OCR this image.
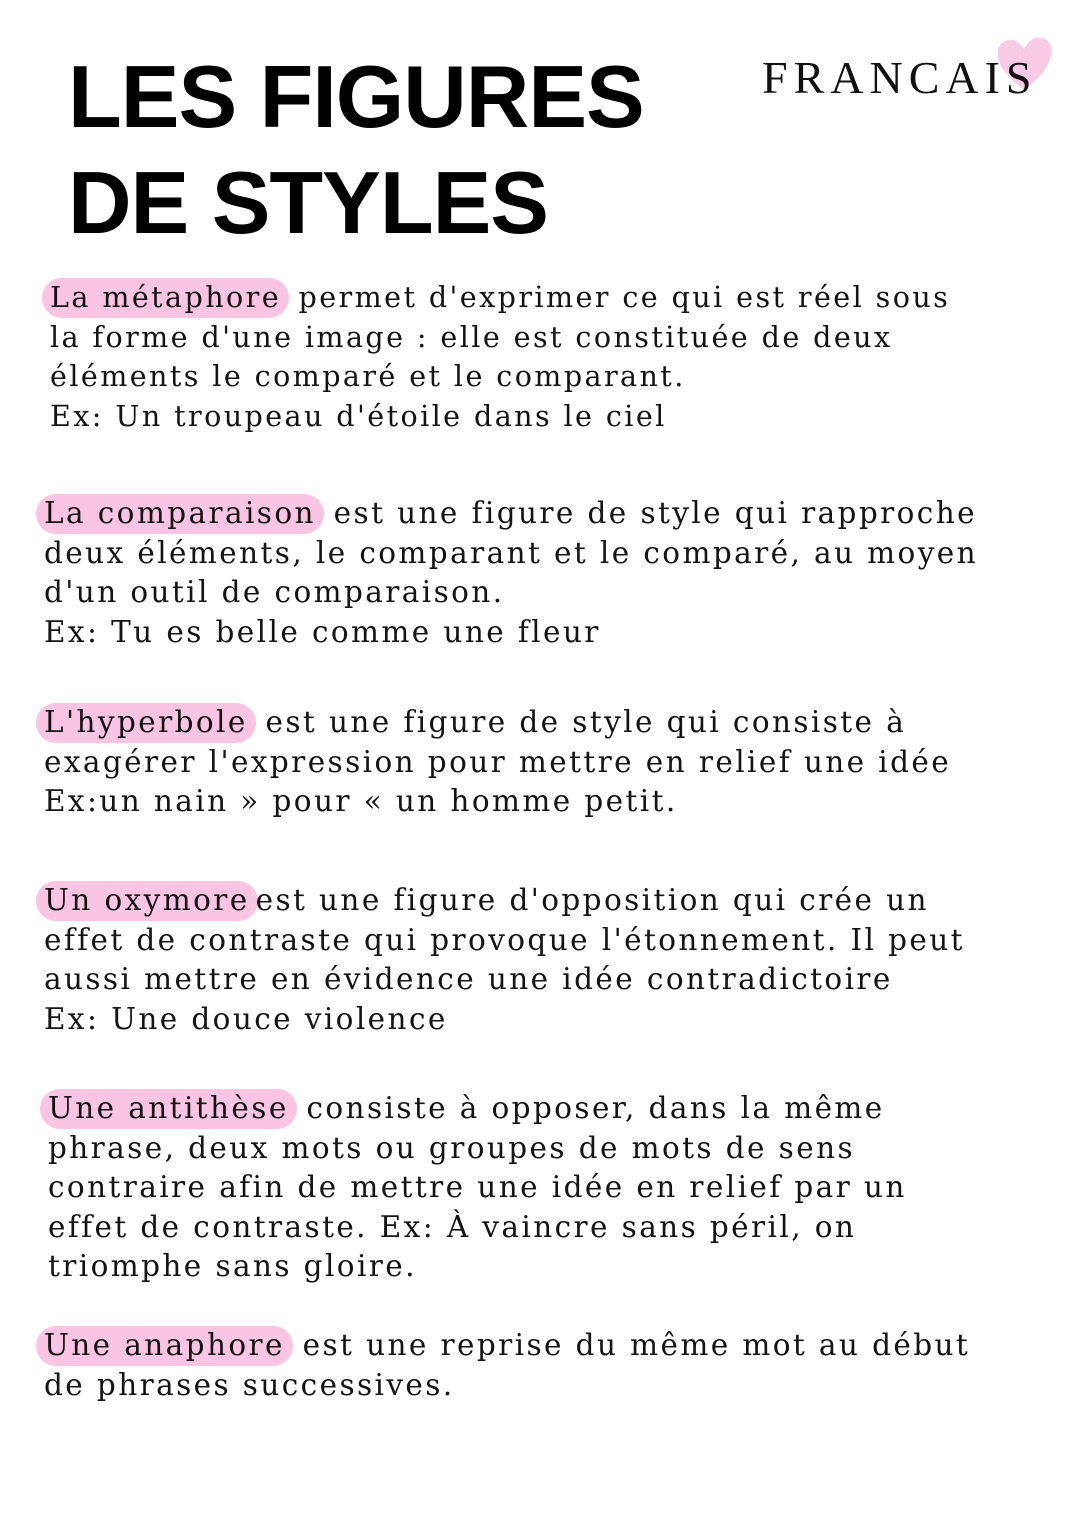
LES FIGURES
DE STYLES
FRANCAIS
La métaphore permet d'exprimer ce qui est réel sous
la forme d'une image : elle est constituée de deux
éléments le comparé et le comparant.
Ex: Un troupeau d'étoile dans le ciel
La comparaison est une figure de style qui rapproche
deux éléments, le comparant et le comparé, au moyen
d'un outil de comparaison.
Ex: Tu es belle comme une fleur
L'hyperbole est une figure de style qui consiste à
exagérer l'expression pour mettre en relief une idée
Ex:un nain » pour « un homme petit.
Un oxymore est une figure d'opposition qui crée un
effet de contraste qui provoque l'étonnement. Il peut
aussi mettre en évidence une idée contradictoire
Ex: Une douce violence
Une antithèse consiste à opposer, dans la même
phrase, deux mots ou groupes de mots de sens
contraire afin de mettre une idée en relief par un
effet de contraste. Ex: À vaincre sans péril, on
triomphe sans gloire.
Une anaphore est une reprise du même mot au début
de phrases successives.
